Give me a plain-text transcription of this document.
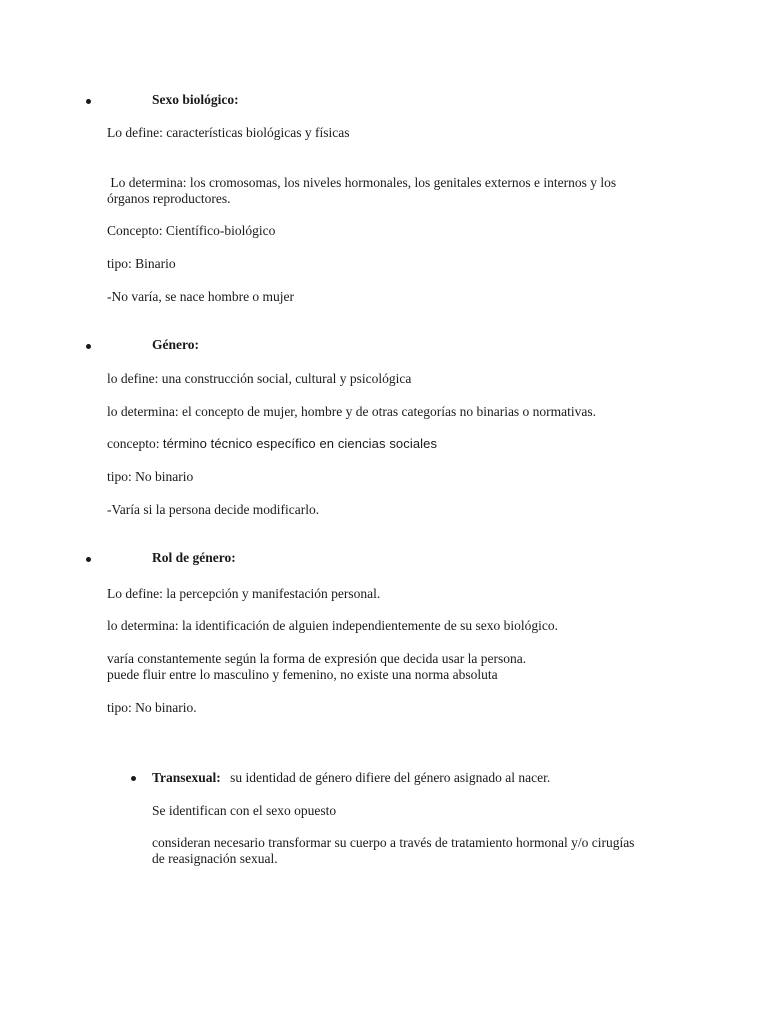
Sexo biológico:
Lo define: características biológicas y físicas
Lo determina: los cromosomas, los niveles hormonales, los genitales externos e internos y los
órganos reproductores.
Concepto: Científico-biológico
tipo: Binario
-No varía, se nace hombre o mujer
Género:
lo define: una construcción social, cultural y psicológica
lo determina: el concepto de mujer, hombre y de otras categorías no binarias o normativas.
concepto: término técnico específico en ciencias sociales
tipo: No binario
-Varía si la persona decide modificarlo.
Rol de género:
Lo define: la percepción y manifestación personal.
lo determina: la identificación de alguien independientemente de su sexo biológico.
varía constantemente según la forma de expresión que decida usar la persona.
puede fluir entre lo masculino y femenino, no existe una norma absoluta
tipo: No binario.
Transexual: su identidad de género difiere del género asignado al nacer.
Se identifican con el sexo opuesto
consideran necesario transformar su cuerpo a través de tratamiento hormonal y/o cirugías
de reasignación sexual.
